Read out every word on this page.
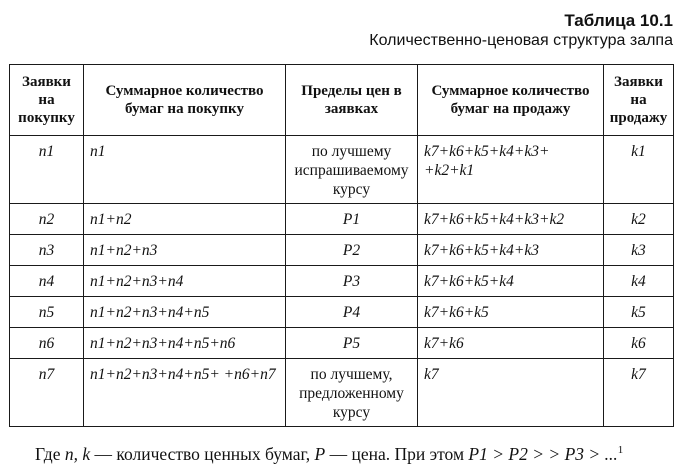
Таблица 10.1
Количественно-ценовая структура залпа
Заявки на покупку	Суммарное количество бумаг на покупку	Пределы цен в заявках	Суммарное количество бумаг на продажу	Заявки на продажу
n1	n1	по лучшему испрашиваемому курсу	k7+k6+k5+k4+k3+ +k2+k1	k1
n2	n1+n2	P1	k7+k6+k5+k4+k3+k2	k2
n3	n1+n2+n3	P2	k7+k6+k5+k4+k3	k3
n4	n1+n2+n3+n4	P3	k7+k6+k5+k4	k4
n5	n1+n2+n3+n4+n5	P4	k7+k6+k5	k5
n6	n1+n2+n3+n4+n5+n6	P5	k7+k6	k6
n7	n1+n2+n3+n4+n5+ +n6+n7	по лучшему, предложенному курсу	k7	k7

Где n, k — количество ценных бумаг, P — цена. При этом P1 > P2 > > P3 > ...$^1$
